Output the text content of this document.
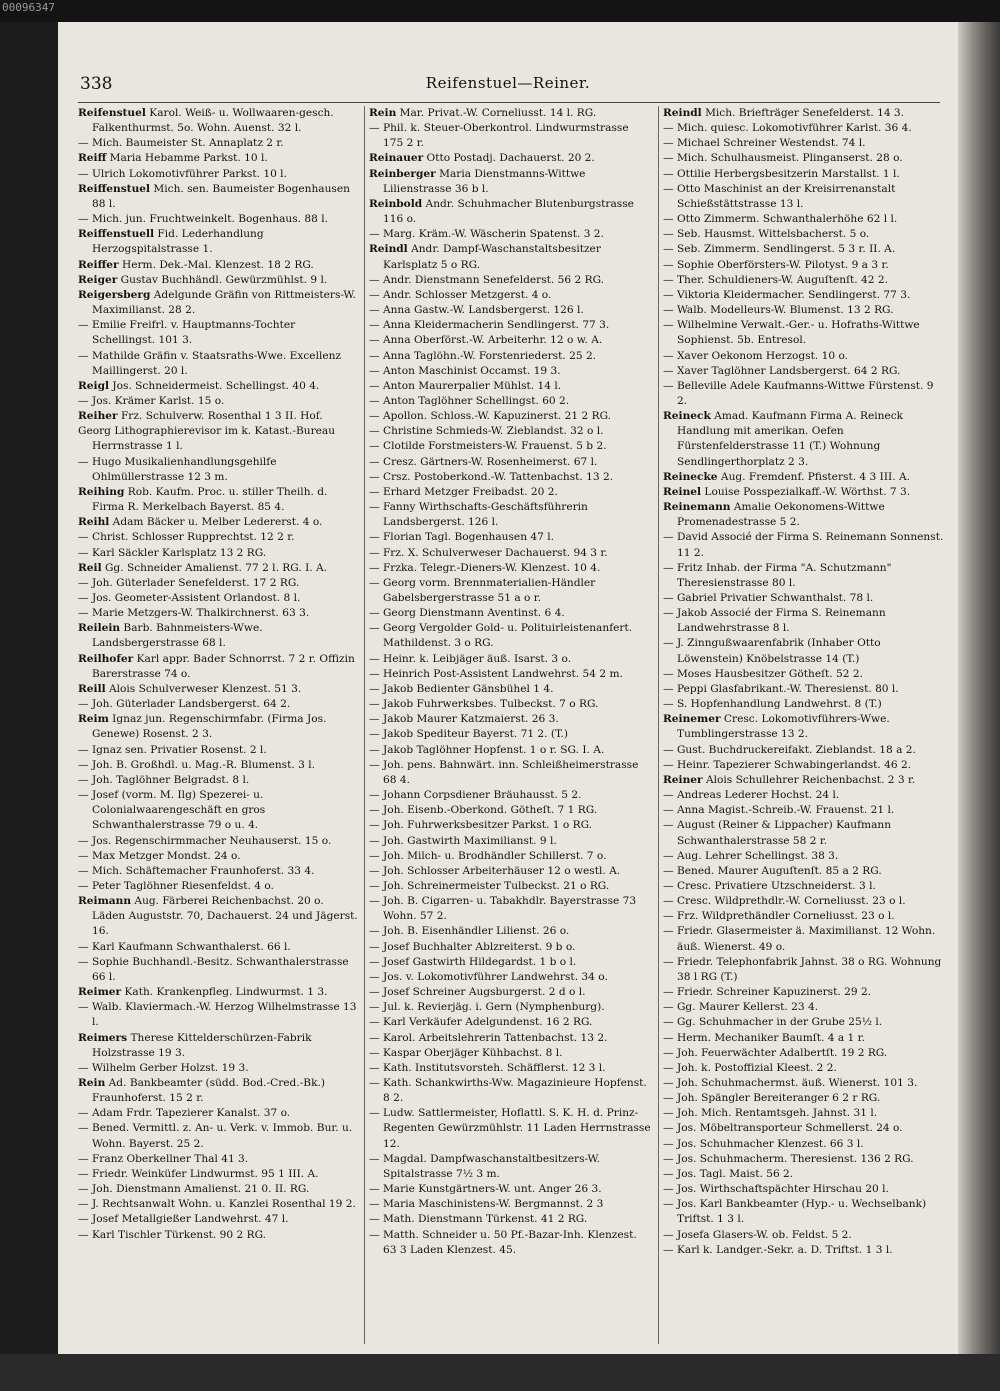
00096347
338	Reifenstuel—Reiner.

Reifenstuel Karol. Weiß- u. Wollwaaren-gesch. Falkenthurmst. 5o. Wohn. Auenst. 32 l.

— Mich. Baumeister St. Annaplatz 2 r.

Reiff Maria Hebamme Parkst. 10 l.

— Ulrich Lokomotivführer Parkst. 10 l.

Reiffenstuel Mich. sen. Baumeister Bogenhausen 88 l.

— Mich. jun. Fruchtweinkelt. Bogenhaus. 88 l.

Reiffenstuell Fid. Lederhandlung Herzogspitalstrasse 1.

Reiffer Herm. Dek.-Mal. Klenzest. 18 2 RG.

Reiger Gustav Buchhändl. Gewürzmühlst. 9 l.

Reigersberg Adelgunde Gräfin von Rittmeisters-W. Maximilianst. 28 2.

— Emilie Freifrl. v. Hauptmanns-Tochter Schellingst. 101 3.

— Mathilde Gräfin v. Staatsraths-Wwe. Excellenz Maillingerst. 20 l.

Reigl Jos. Schneidermeist. Schellingst. 40 4.

— Jos. Krämer Karlst. 15 o.

Reiher Frz. Schulverw. Rosenthal 1 3 II. Hof.

Georg Lithographierevisor im k. Katast.-Bureau Herrnstrasse 1 l.

— Hugo Musikalienhandlungsgehilfe Ohlmüllerstrasse 12 3 m.

Reihing Rob. Kaufm. Proc. u. stiller Theilh. d. Firma R. Merkelbach Bayerst. 85 4.

Reihl Adam Bäcker u. Melber Ledererst. 4 o.

— Christ. Schlosser Rupprechtst. 12 2 r.

— Karl Säckler Karlsplatz 13 2 RG.

Reil Gg. Schneider Amalienst. 77 2 l. RG. I. A.

— Joh. Güterlader Senefelderst. 17 2 RG.

— Jos. Geometer-Assistent Orlandost. 8 l.

— Marie Metzgers-W. Thalkirchnerst. 63 3.

Reilein Barb. Bahnmeisters-Wwe. Landsbergerstrasse 68 l.

Reilhofer Karl appr. Bader Schnorrst. 7 2 r. Offizin Barerstrasse 74 o.

Reill Alois Schulverweser Klenzest. 51 3.

— Joh. Güterlader Landsbergerst. 64 2.

Reim Ignaz jun. Regenschirmfabr. (Firma Jos. Genewe) Rosenst. 2 3.

— Ignaz sen. Privatier Rosenst. 2 l.

— Joh. B. Großhdl. u. Mag.-R. Blumenst. 3 l.

— Joh. Taglöhner Belgradst. 8 l.

— Josef (vorm. M. Ilg) Spezerei- u. Colonialwaarengeschäft en gros Schwanthalerstrasse 79 o u. 4.

— Jos. Regenschirmmacher Neuhauserst. 15 o.

— Max Metzger Mondst. 24 o.

— Mich. Schäftemacher Fraunhoferst. 33 4.

— Peter Taglöhner Riesenfeldst. 4 o.

Reimann Aug. Färberei Reichenbachst. 20 o. Läden Auguststr. 70, Dachauerst. 24 und Jägerst. 16.

— Karl Kaufmann Schwanthalerst. 66 l.

— Sophie Buchhandl.-Besitz. Schwanthalerstrasse 66 l.

Reimer Kath. Krankenpfleg. Lindwurmst. 1 3.

— Walb. Klaviermach.-W. Herzog Wilhelmstrasse 13 l.

Reimers Therese Kittelderschürzen-Fabrik Holzstrasse 19 3.

— Wilhelm Gerber Holzst. 19 3.

Rein Ad. Bankbeamter (südd. Bod.-Cred.-Bk.) Fraunhoferst. 15 2 r.

— Adam Frdr. Tapezierer Kanalst. 37 o.

— Bened. Vermittl. z. An- u. Verk. v. Immob. Bur. u. Wohn. Bayerst. 25 2.

— Franz Oberkellner Thal 41 3.

— Friedr. Weinküfer Lindwurmst. 95 1 III. A.

— Joh. Dienstmann Amalienst. 21 0. II. RG.

— J. Rechtsanwalt Wohn. u. Kanzlei Rosenthal 19 2.

— Josef Metallgießer Landwehrst. 47 l.

— Karl Tischler Türkenst. 90 2 RG.

Rein Mar. Privat.-W. Corneliusst. 14 l. RG.

— Phil. k. Steuer-Oberkontrol. Lindwurmstrasse 175 2 r.

Reinauer Otto Postadj. Dachauerst. 20 2.

Reinberger Maria Dienstmanns-Wittwe Lilienstrasse 36 b l.

Reinbold Andr. Schuhmacher Blutenburgstrasse 116 o.

— Marg. Kräm.-W. Wäscherin Spatenst. 3 2.

Reindl Andr. Dampf-Waschanstaltsbesitzer Karlsplatz 5 o RG.

— Andr. Dienstmann Senefelderst. 56 2 RG.

— Andr. Schlosser Metzgerst. 4 o.

— Anna Gastw.-W. Landsbergerst. 126 l.

— Anna Kleidermacherin Sendlingerst. 77 3.

— Anna Oberförst.-W. Arbeiterhr. 12 o w. A.

— Anna Taglöhn.-W. Forstenriederst. 25 2.

— Anton Maschinist Occamst. 19 3.

— Anton Maurerpalier Mühlst. 14 l.

— Anton Taglöhner Schellingst. 60 2.

— Apollon. Schloss.-W. Kapuzinerst. 21 2 RG.

— Christine Schmieds-W. Zieblandst. 32 o l.

— Clotilde Forstmeisters-W. Frauenst. 5 b 2.

— Cresz. Gärtners-W. Rosenheimerst. 67 l.

— Crsz. Postoberkond.-W. Tattenbachst. 13 2.

— Erhard Metzger Freibadst. 20 2.

— Fanny Wirthschafts-Geschäftsführerin Landsbergerst. 126 l.

— Florian Tagl. Bogenhausen 47 l.

— Frz. X. Schulverweser Dachauerst. 94 3 r.

— Frzka. Telegr.-Dieners-W. Klenzest. 10 4.

— Georg vorm. Brennmaterialien-Händler Gabelsbergerstrasse 51 a o r.

— Georg Dienstmann Aventinst. 6 4.

— Georg Vergolder Gold- u. Polituirleistenanfert. Mathildenst. 3 o RG.

— Heinr. k. Leibjäger äuß. Isarst. 3 o.

— Heinrich Post-Assistent Landwehrst. 54 2 m.

— Jakob Bedienter Gänsbühel 1 4.

— Jakob Fuhrwerksbes. Tulbeckst. 7 o RG.

— Jakob Maurer Katzmaierst. 26 3.

— Jakob Spediteur Bayerst. 71 2. (T.)

— Jakob Taglöhner Hopfenst. 1 o r. SG. I. A.

— Joh. pens. Bahnwärt. inn. Schleißheimerstrasse 68 4.

— Johann Corpsdiener Bräuhausst. 5 2.

— Joh. Eisenb.-Oberkond. Götheſt. 7 1 RG.

— Joh. Fuhrwerksbesitzer Parkst. 1 o RG.

— Joh. Gastwirth Maximilianst. 9 l.

— Joh. Milch- u. Brodhändler Schillerst. 7 o.

— Joh. Schlosser Arbeiterhäuser 12 o westl. A.

— Joh. Schreinermeister Tulbeckst. 21 o RG.

— Joh. B. Cigarren- u. Tabakhdlr. Bayerstrasse 73 Wohn. 57 2.

— Joh. B. Eisenhändler Lilienst. 26 o.

— Josef Buchhalter Ablzreiterst. 9 b o.

— Josef Gastwirth Hildegardst. 1 b o l.

— Jos. v. Lokomotivführer Landwehrst. 34 o.

— Josef Schreiner Augsburgerst. 2 d o l.

— Jul. k. Revierjäg. i. Gern (Nymphenburg).

— Karl Verkäufer Adelgundenst. 16 2 RG.

— Karol. Arbeitslehrerin Tattenbachst. 13 2.

— Kaspar Oberjäger Kühbachst. 8 l.

— Kath. Institutsvorsteh. Schäfflerst. 12 3 l.

— Kath. Schankwirths-Ww. Magazinieure Hopfenst. 8 2.

— Ludw. Sattlermeister, Hoflattl. S. K. H. d. Prinz-Regenten Gewürzmühlstr. 11 Laden Herrnstrasse 12.

— Magdal. Dampfwaschanstaltbesitzers-W. Spitalstrasse 7½ 3 m.

— Marie Kunstgärtners-W. unt. Anger 26 3.

— Maria Maschinistens-W. Bergmannst. 2 3

— Math. Dienstmann Türkenst. 41 2 RG.

— Matth. Schneider u. 50 Pf.-Bazar-Inh. Klenzest. 63 3 Laden Klenzest. 45.

Reindl Mich. Briefträger Senefelderst. 14 3.

— Mich. quiesc. Lokomotivführer Karlst. 36 4.

— Michael Schreiner Westendst. 74 l.

— Mich. Schulhausmeist. Plinganserst. 28 o.

— Ottilie Herbergsbesitzerin Marstallst. 1 l.

— Otto Maschinist an der Kreisirrenanstalt Schießstättstrasse 13 l.

— Otto Zimmerm. Schwanthalerhöhe 62 l l.

— Seb. Hausmst. Wittelsbacherst. 5 o.

— Seb. Zimmerm. Sendlingerst. 5 3 r. II. A.

— Sophie Oberförsters-W. Pilotyst. 9 a 3 r.

— Ther. Schuldieners-W. Auguſtenſt. 42 2.

— Viktoria Kleidermacher. Sendlingerst. 77 3.

— Walb. Modelleurs-W. Blumenst. 13 2 RG.

— Wilhelmine Verwalt.-Ger.- u. Hofraths-Wittwe Sophienst. 5b. Entresol.

— Xaver Oekonom Herzogst. 10 o.

— Xaver Taglöhner Landsbergerst. 64 2 RG.

— Belleville Adele Kaufmanns-Wittwe Fürstenst. 9 2.

Reineck Amad. Kaufmann Firma A. Reineck Handlung mit amerikan. Oefen Fürstenfelderstrasse 11 (T.) Wohnung Sendlingerthorplatz 2 3.

Reinecke Aug. Fremdenf. Pfisterst. 4 3 III. A.

Reinel Louise Posspezialkaff.-W. Wörthst. 7 3.

Reinemann Amalie Oekonomens-Wittwe Promenadestrasse 5 2.

— David Associé der Firma S. Reinemann Sonnenst. 11 2.

— Fritz Inhab. der Firma "A. Schutzmann" Theresienstrasse 80 l.

— Gabriel Privatier Schwanthalst. 78 l.

— Jakob Associé der Firma S. Reinemann Landwehrstrasse 8 l.

— J. Zinngußwaarenfabrik (Inhaber Otto Löwenstein) Knöbelstrasse 14 (T.)

— Moses Hausbesitzer Götheſt. 52 2.

— Peppi Glasfabrikant.-W. Theresienst. 80 l.

— S. Hopfenhandlung Landwehrst. 8 (T.)

Reinemer Cresc. Lokomotivführers-Wwe. Tumblingerstrasse 13 2.

— Gust. Buchdruckereifakt. Zieblandst. 18 a 2.

— Heinr. Tapezierer Schwabingerlandst. 46 2.

Reiner Alois Schullehrer Reichenbachst. 2 3 r.

— Andreas Lederer Hochst. 24 l.

— Anna Magist.-Schreib.-W. Frauenst. 21 l.

— August (Reiner & Lippacher) Kaufmann Schwanthalerstrasse 58 2 r.

— Aug. Lehrer Schellingst. 38 3.

— Bened. Maurer Auguſtenſt. 85 a 2 RG.

— Cresc. Privatiere Utzschneiderst. 3 l.

— Cresc. Wildprethdlr.-W. Corneliusst. 23 o l.

— Frz. Wildprethändler Corneliusst. 23 o l.

— Friedr. Glasermeister ä. Maximilianst. 12 Wohn. äuß. Wienerst. 49 o.

— Friedr. Telephonfabrik Jahnst. 38 o RG. Wohnung 38 l RG (T.)

— Friedr. Schreiner Kapuzinerst. 29 2.

— Gg. Maurer Kellerst. 23 4.

— Gg. Schuhmacher in der Grube 25½ l.

— Herm. Mechaniker Baumſt. 4 a 1 r.

— Joh. Feuerwächter Adalbertſt. 19 2 RG.

— Joh. k. Postoffizial Kleest. 2 2.

— Joh. Schuhmachermst. äuß. Wienerst. 101 3.

— Joh. Spängler Bereiteranger 6 2 r RG.

— Joh. Mich. Rentamtsgeh. Jahnst. 31 l.

— Jos. Möbeltransporteur Schmellerst. 24 o.

— Jos. Schuhmacher Klenzest. 66 3 l.

— Jos. Schuhmacherm. Theresienst. 136 2 RG.

— Jos. Tagl. Maist. 56 2.

— Jos. Wirthschaftspächter Hirschau 20 l.

— Jos. Karl Bankbeamter (Hyp.- u. Wechselbank) Triftst. 1 3 l.

— Josefa Glasers-W. ob. Feldst. 5 2.

— Karl k. Landger.-Sekr. a. D. Triftst. 1 3 l.
